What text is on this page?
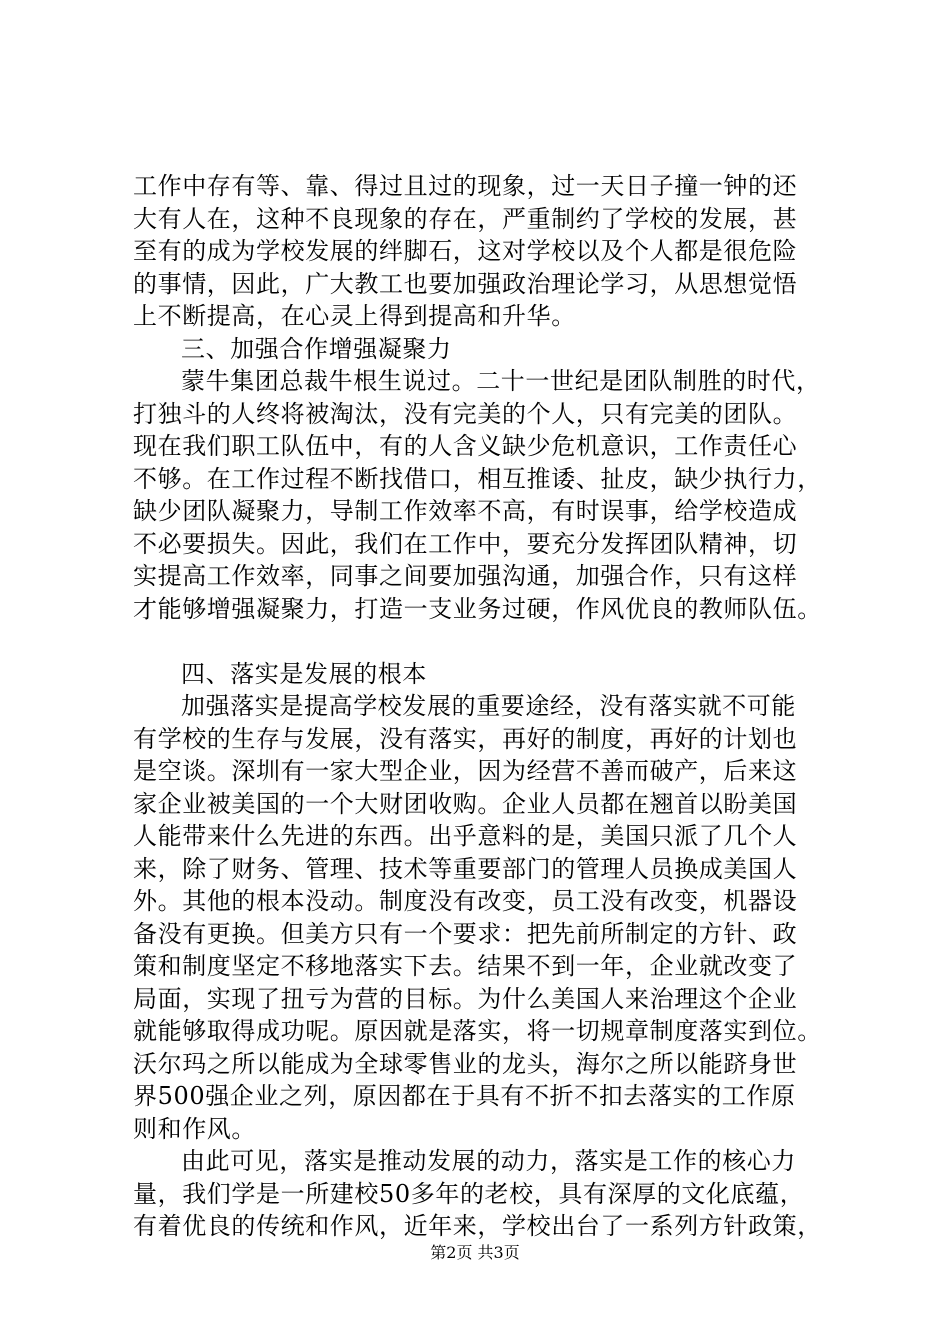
工作中存有等、靠、得过且过的现象，过一天日子撞一钟的还
大有人在，这种不良现象的存在，严重制约了学校的发展，甚
至有的成为学校发展的绊脚石，这对学校以及个人都是很危险
的事情，因此，广大教工也要加强政治理论学习，从思想觉悟
上不断提高，在心灵上得到提高和升华。
三、加强合作增强凝聚力
蒙牛集团总裁牛根生说过。二十一世纪是团队制胜的时代，
打独斗的人终将被淘汰，没有完美的个人，只有完美的团队。
现在我们职工队伍中，有的人含义缺少危机意识，工作责任心
不够。在工作过程不断找借口，相互推诿、扯皮，缺少执行力，
缺少团队凝聚力，导制工作效率不高，有时误事，给学校造成
不必要损失。因此，我们在工作中，要充分发挥团队精神，切
实提高工作效率，同事之间要加强沟通，加强合作，只有这样
才能够增强凝聚力，打造一支业务过硬，作风优良的教师队伍。
四、落实是发展的根本
加强落实是提高学校发展的重要途经，没有落实就不可能
有学校的生存与发展，没有落实，再好的制度，再好的计划也
是空谈。深圳有一家大型企业，因为经营不善而破产，后来这
家企业被美国的一个大财团收购。企业人员都在翘首以盼美国
人能带来什么先进的东西。出乎意料的是，美国只派了几个人
来，除了财务、管理、技术等重要部门的管理人员换成美国人
外。其他的根本没动。制度没有改变，员工没有改变，机器设
备没有更换。但美方只有一个要求：把先前所制定的方针、政
策和制度坚定不移地落实下去。结果不到一年，企业就改变了
局面，实现了扭亏为营的目标。为什么美国人来治理这个企业
就能够取得成功呢。原因就是落实，将一切规章制度落实到位。
沃尔玛之所以能成为全球零售业的龙头，海尔之所以能跻身世
界500强企业之列，原因都在于具有不折不扣去落实的工作原
则和作风。
由此可见，落实是推动发展的动力，落实是工作的核心力
量，我们学是一所建校50多年的老校，具有深厚的文化底蕴，
有着优良的传统和作风，近年来，学校出台了一系列方针政策，
第2页 共3页
